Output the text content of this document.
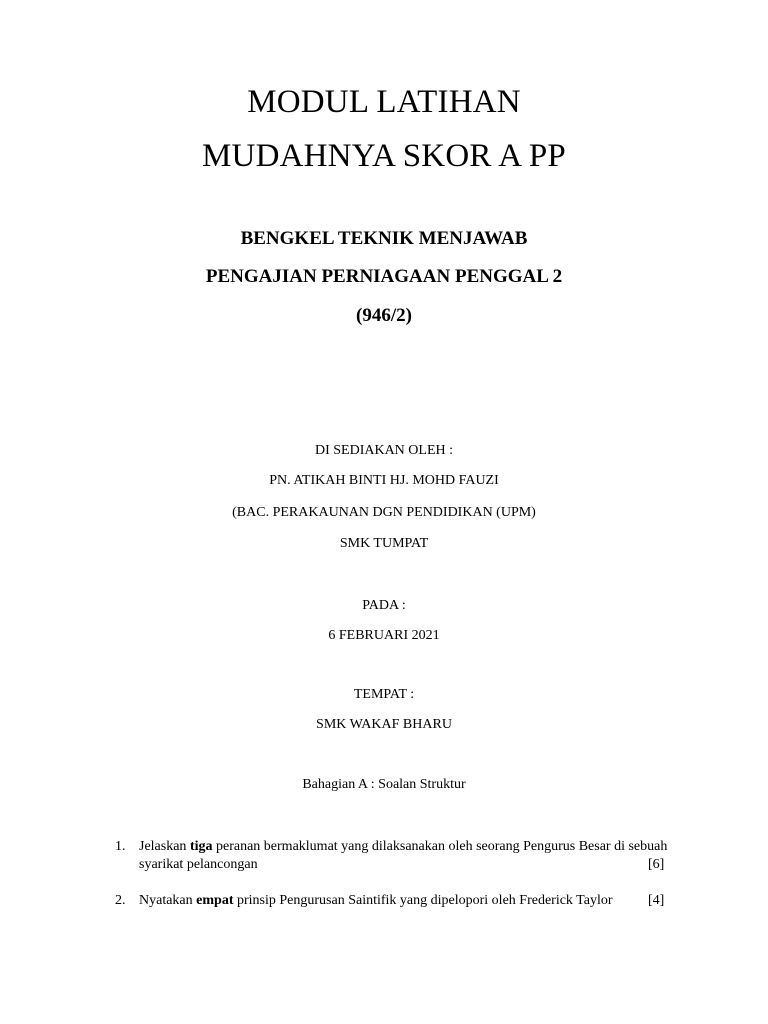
MODUL LATIHAN
MUDAHNYA SKOR A PP
BENGKEL TEKNIK MENJAWAB
PENGAJIAN PERNIAGAAN PENGGAL 2
(946/2)
DI SEDIAKAN OLEH :
PN. ATIKAH BINTI HJ. MOHD FAUZI
(BAC. PERAKAUNAN DGN PENDIDIKAN (UPM)
SMK TUMPAT
PADA :
6 FEBRUARI 2021
TEMPAT :
SMK WAKAF BHARU
Bahagian A : Soalan Struktur
1. Jelaskan tiga peranan bermaklumat yang dilaksanakan oleh seorang Pengurus Besar di sebuah
syarikat pelancongan	[6]
2. Nyatakan empat prinsip Pengurusan Saintifik yang dipelopori oleh Frederick Taylor	[4]
